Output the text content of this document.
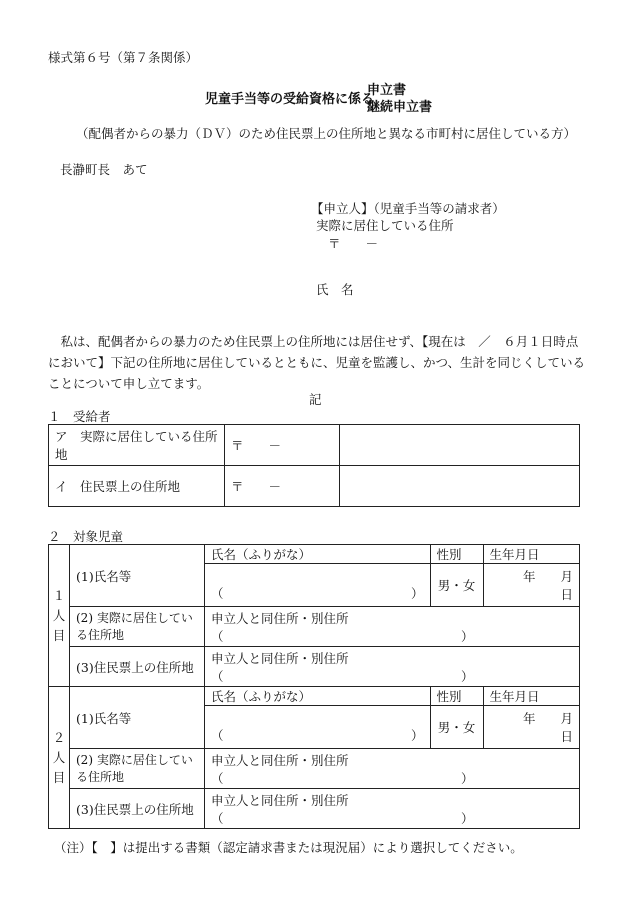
様式第６号（第７条関係）
児童手当等の受給資格に係る
申立書
継続申立書
（配偶者からの暴力（ＤＶ）のため住民票上の住所地と異なる市町村に居住している方）
長瀞町長　あて
【申立人】（児童手当等の請求者）
実際に居住している住所
〒　　－
氏　名
私は、配偶者からの暴力のため住民票上の住所地には居住せず、【現在は　／　６月１日時点において】下記の住所地に居住しているとともに、児童を監護し、かつ、生計を同じくしていることについて申し立てます。
記
１　受給者
ア　実際に居住している住所地	〒　　－	
イ　住民票上の住所地	〒　　－	
２　対象児童
１人目	(1)氏名等	氏名（ふりがな）	性別	生年月日
		（　　　　　　　　　　　　　　　）	男・女	年　　月　　日

	(2) 実際に居住している住所地	申立人と同住所・別住所（　　　　　　　　　　　　　　　　　　　）		
	(3)住民票上の住所地	申立人と同住所・別住所（　　　　　　　　　　　　　　　　　　　）		
２人目	(1)氏名等	氏名（ふりがな）	性別	生年月日
		（　　　　　　　　　　　　　　　）	男・女	年　　月　　日

	(2) 実際に居住している住所地	申立人と同住所・別住所（　　　　　　　　　　　　　　　　　　　）		
	(3)住民票上の住所地	申立人と同住所・別住所（　　　　　　　　　　　　　　　　　　　）		
（注）【　】は提出する書類（認定請求書または現況届）により選択してください。
